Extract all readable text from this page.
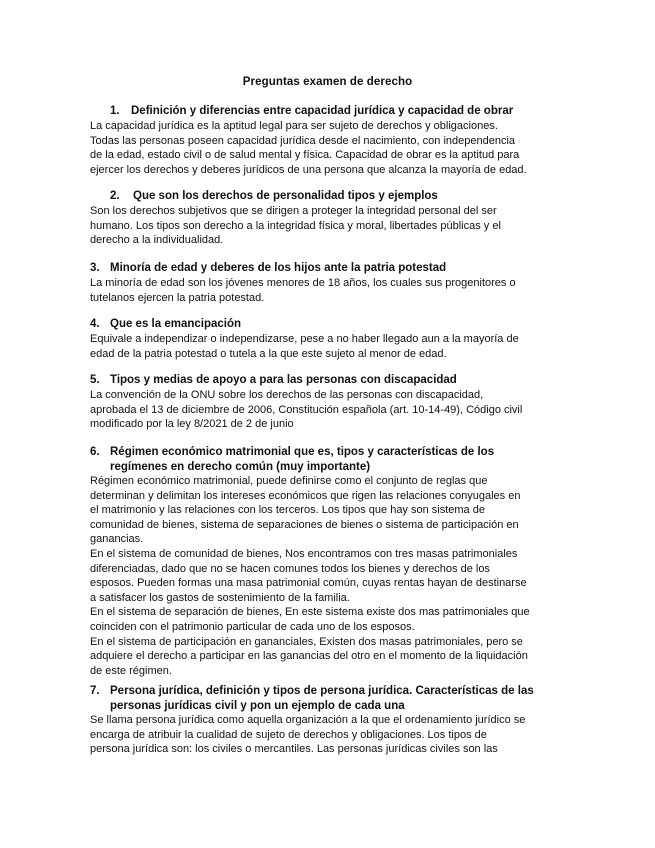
Preguntas examen de derecho
1. Definición y diferencias entre capacidad jurídica y capacidad de obrar
La capacidad jurídica es la aptitud legal para ser sujeto de derechos y obligaciones.
Todas las personas poseen capacidad jurídica desde el nacimiento, con independencia
de la edad, estado civil o de salud mental y física. Capacidad de obrar es la aptitud para
ejercer los derechos y deberes jurídicos de una persona que alcanza la mayoría de edad.
2. Que son los derechos de personalidad tipos y ejemplos
Son los derechos subjetivos que se dirigen a proteger la integridad personal del ser
humano. Los tipos son derecho a la integridad física y moral, libertades públicas y el
derecho a la individualidad.
3. Minoría de edad y deberes de los hijos ante la patria potestad
La minoría de edad son los jóvenes menores de 18 años, los cuales sus progenitores o
tutelanos ejercen la patria potestad.
4. Que es la emancipación
Equivale a independizar o independizarse, pese a no haber llegado aun a la mayoría de
edad de la patria potestad o tutela a la que este sujeto al menor de edad.
5. Tipos y medias de apoyo a para las personas con discapacidad
La convención de la ONU sobre los derechos de las personas con discapacidad,
aprobada el 13 de diciembre de 2006, Constitución española (art. 10-14-49), Código civil
modificado por la ley 8/2021 de 2 de junio
6. Régimen económico matrimonial que es, tipos y características de los
regímenes en derecho común (muy importante)
Régimen económico matrimonial, puede definirse como el conjunto de reglas que
determinan y delimitan los intereses económicos que rigen las relaciones conyugales en
el matrimonio y las relaciones con los terceros. Los tipos que hay son sistema de
comunidad de bienes, sistema de separaciones de bienes o sistema de participación en
ganancias.
En el sistema de comunidad de bienes, Nos encontramos con tres masas patrimoniales
diferenciadas, dado que no se hacen comunes todos los bienes y derechos de los
esposos. Pueden formas una masa patrimonial común, cuyas rentas hayan de destinarse
a satisfacer los gastos de sostenimiento de la familia.
En el sistema de separación de bienes, En este sistema existe dos mas patrimoniales que
coinciden con el patrimonio particular de cada uno de los esposos.
En el sistema de participación en gananciales, Existen dos masas patrimoniales, pero se
adquiere el derecho a participar en las ganancias del otro en el momento de la liquidación
de este régimen.
7. Persona jurídica, definición y tipos de persona jurídica. Características de las
personas jurídicas civil y pon un ejemplo de cada una
Se llama persona jurídica como aquella organización a la que el ordenamiento jurídico se
encarga de atribuir la cualidad de sujeto de derechos y obligaciones. Los tipos de
persona jurídica son: los civiles o mercantiles. Las personas jurídicas civiles son las
